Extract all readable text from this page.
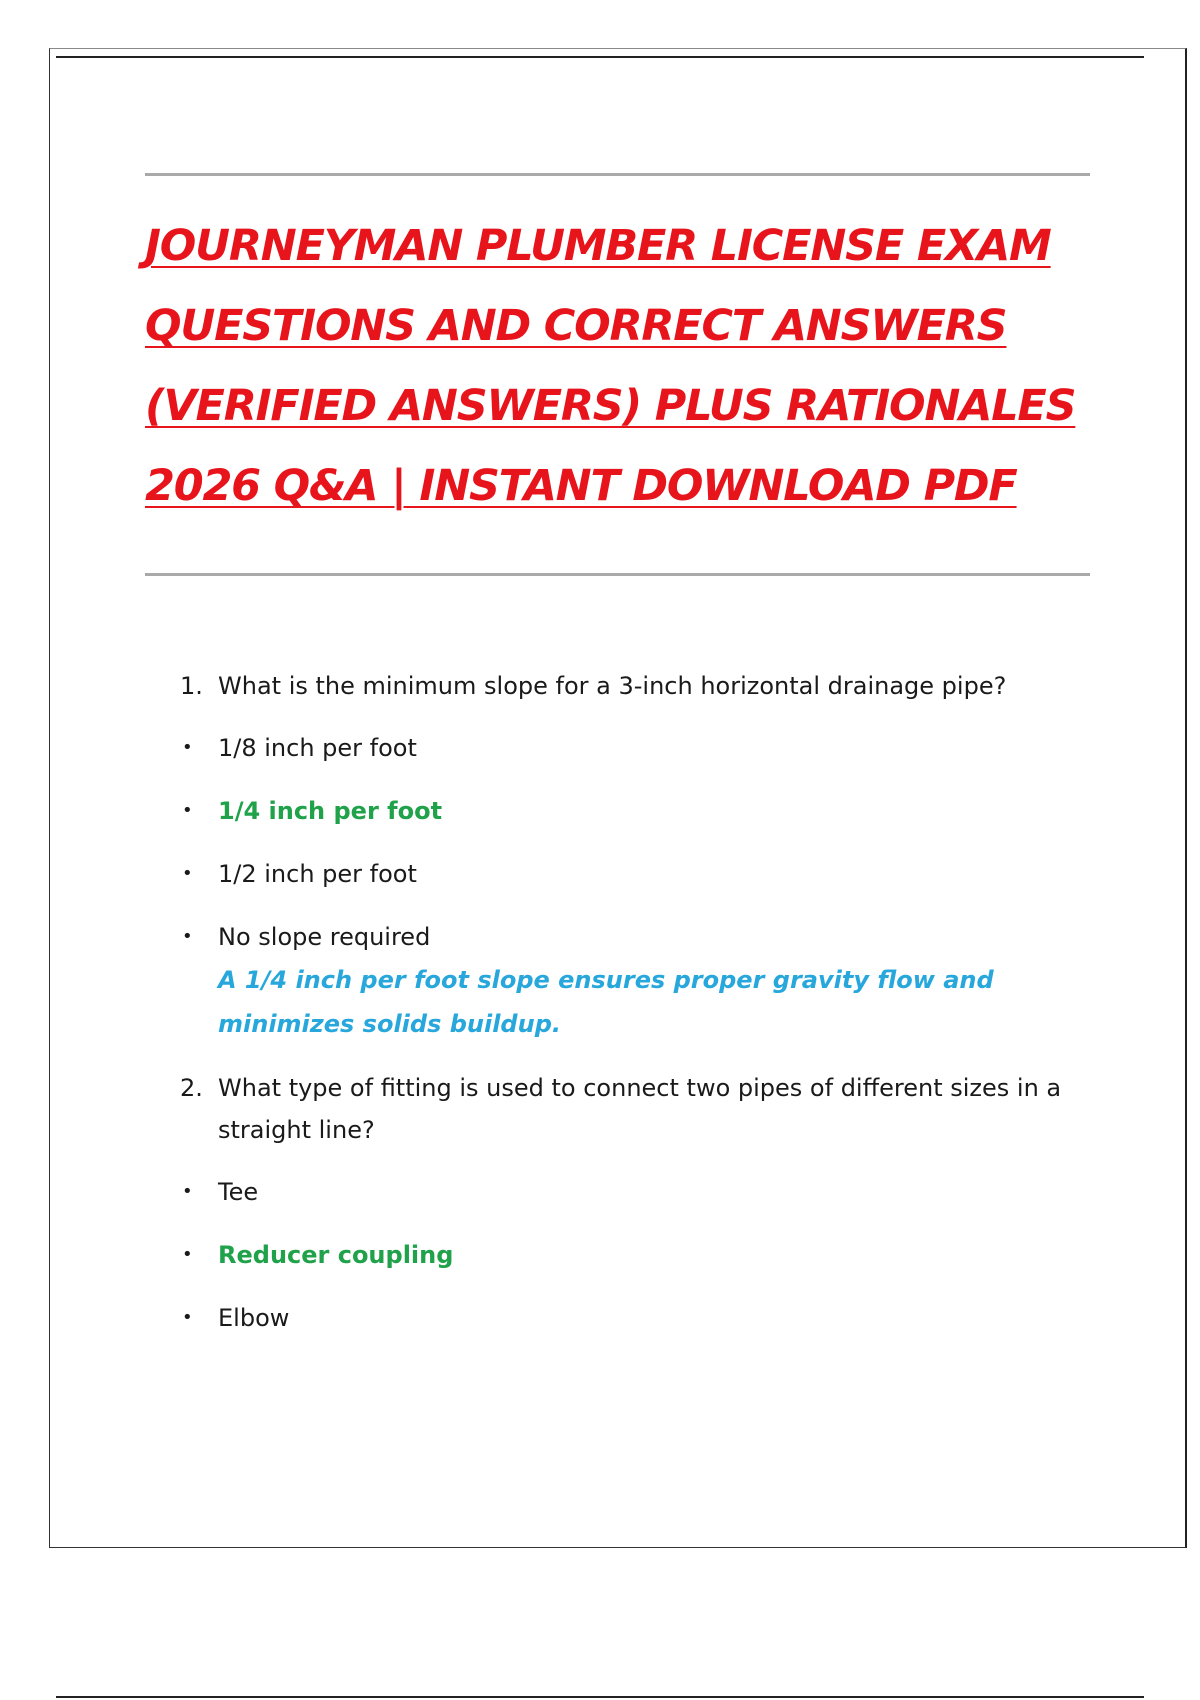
JOURNEYMAN PLUMBER LICENSE EXAM
QUESTIONS AND CORRECT ANSWERS
(VERIFIED ANSWERS) PLUS RATIONALES
2026 Q&A | INSTANT DOWNLOAD PDF
1. What is the minimum slope for a 3-inch horizontal drainage pipe?
• 1/8 inch per foot
• 1/4 inch per foot
• 1/2 inch per foot
• No slope required
A 1/4 inch per foot slope ensures proper gravity flow and minimizes solids buildup.
2. What type of fitting is used to connect two pipes of different sizes in a straight line?
• Tee
• Reducer coupling
• Elbow
